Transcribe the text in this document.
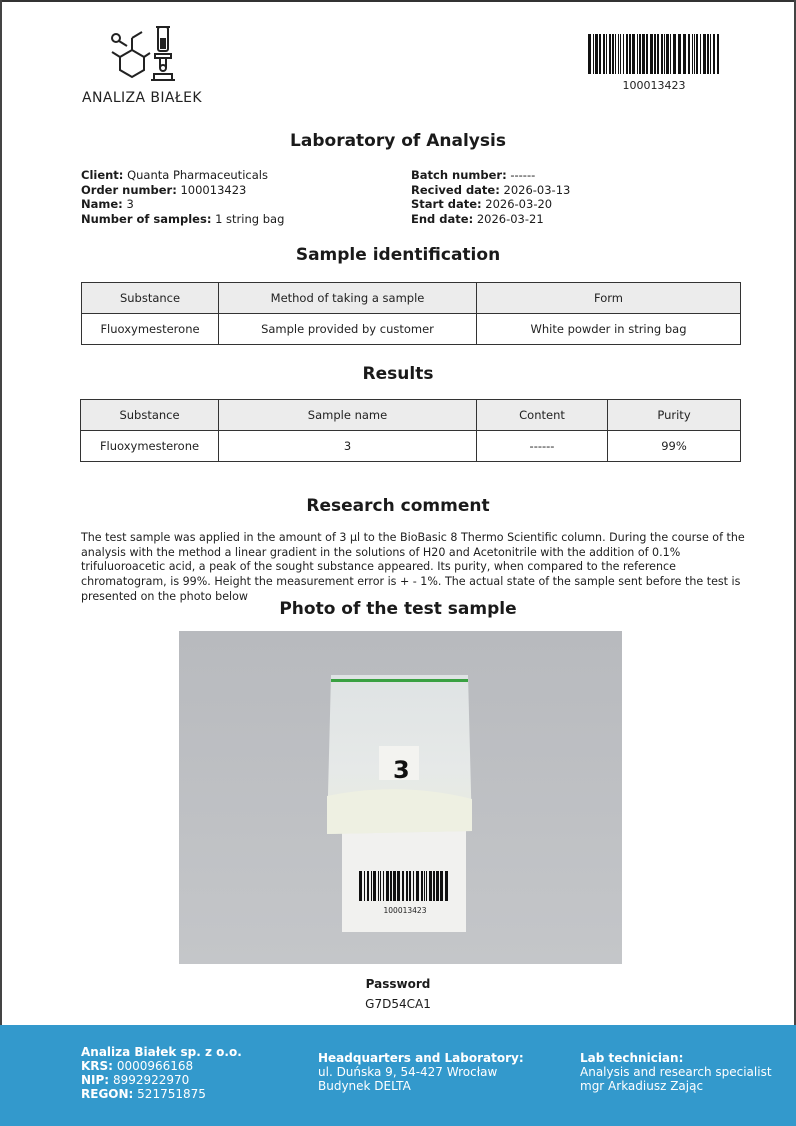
ANALIZA BIAŁEK
100013423
Laboratory of Analysis
Client: Quanta Pharmaceuticals
Order number: 100013423
Name: 3
Number of samples: 1 string bag
Batch number: ------
Recived date: 2026-03-13
Start date: 2026-03-20
End date: 2026-03-21
Sample identification
Substance	Method of taking a sample	Form
Fluoxymesterone	Sample provided by customer	White powder in string bag
Results
Substance	Sample name	Content	Purity
Fluoxymesterone	3	------	99%
Research comment
The test sample was applied in the amount of 3 µl to the BioBasic 8 Thermo Scientific column. During the course of the analysis with the method a linear gradient in the solutions of H20 and Acetonitrile with the addition of 0.1% trifuluoroacetic acid, a peak of the sought substance appeared. Its purity, when compared to the reference chromatogram, is 99%. Height the measurement error is + - 1%. The actual state of the sample sent before the test is presented on the photo below
Photo of the test sample
3
100013423
Password
G7D54CA1
Analiza Białek sp. z o.o.
KRS: 0000966168
NIP: 8992922970
REGON: 521751875
Headquarters and Laboratory:
ul. Duńska 9, 54-427 Wrocław
Budynek DELTA
Lab technician:
Analysis and research specialist
mgr Arkadiusz Zając
